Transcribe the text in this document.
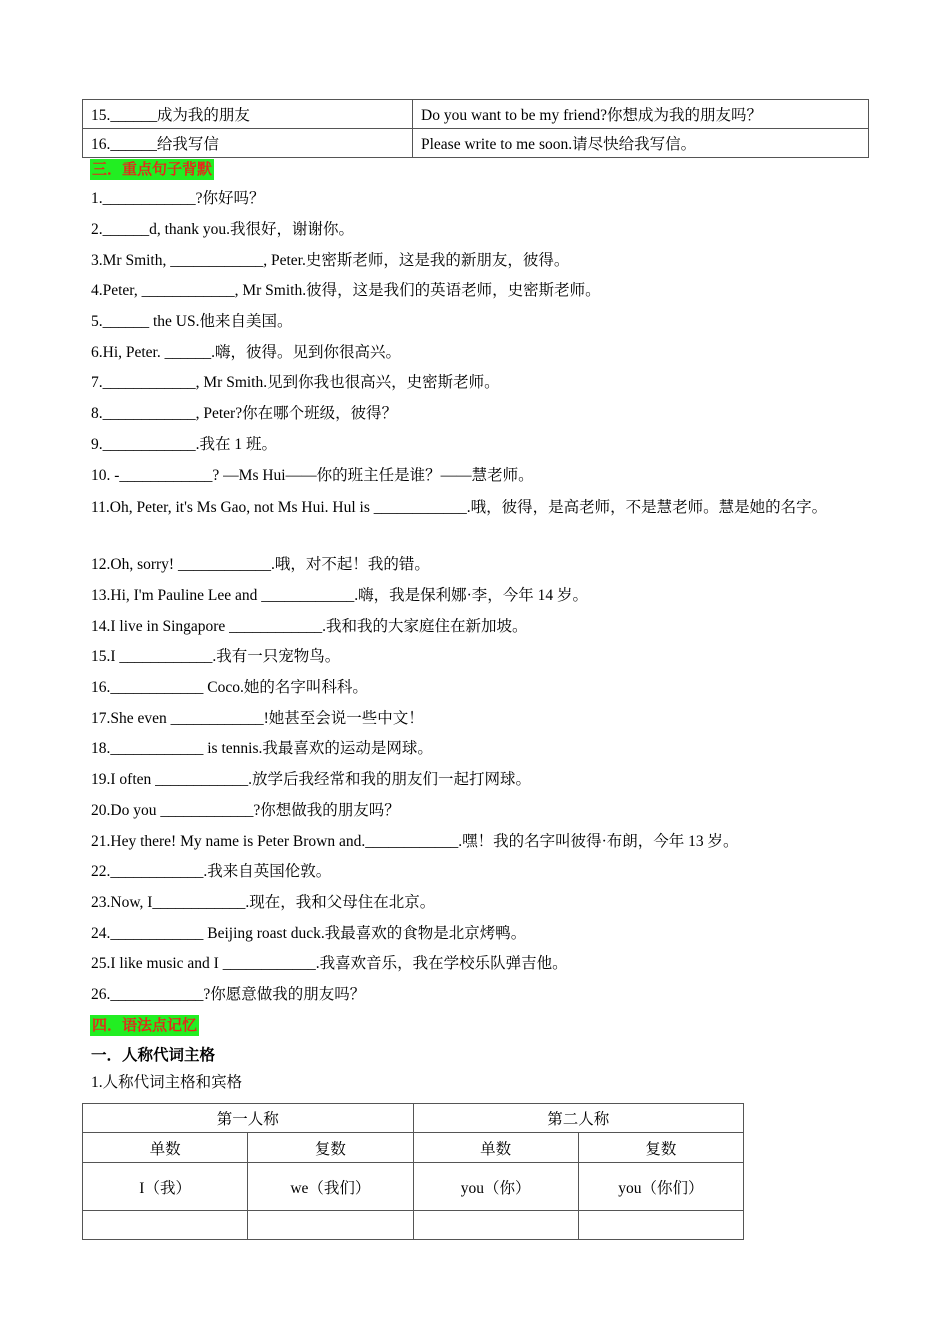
15.______成为我的朋友	Do you want to be my friend?你想成为我的朋友吗？
16.______给我写信	Please write to me soon.请尽快给我写信。
三．重点句子背默
1.____________?你好吗？
2.______d, thank you.我很好，谢谢你。
3.Mr Smith, ____________, Peter.史密斯老师，这是我的新朋友，彼得。
4.Peter, ____________, Mr Smith.彼得，这是我们的英语老师，史密斯老师。
5.______ the US.他来自美国。
6.Hi, Peter. ______.嗨，彼得。见到你很高兴。
7.____________, Mr Smith.见到你我也很高兴，史密斯老师。
8.____________, Peter?你在哪个班级，彼得？
9.____________.我在 1 班。
10. -____________? —Ms Hui——你的班主任是谁？——慧老师。
11.Oh, Peter, it's Ms Gao, not Ms Hui. Hul is ____________.哦，彼得，是高老师，不是慧老师。慧是她的名字。
12.Oh, sorry! ____________.哦，对不起！我的错。
13.Hi, I'm Pauline Lee and ____________.嗨，我是保利娜·李，今年 14 岁。
14.I live in Singapore ____________.我和我的大家庭住在新加坡。
15.I ____________.我有一只宠物鸟。
16.____________ Coco.她的名字叫科科。
17.She even ____________!她甚至会说一些中文！
18.____________ is tennis.我最喜欢的运动是网球。
19.I often ____________.放学后我经常和我的朋友们一起打网球。
20.Do you ____________?你想做我的朋友吗？
21.Hey there! My name is Peter Brown and.____________.嘿！我的名字叫彼得·布朗，今年 13 岁。
22.____________.我来自英国伦敦。
23.Now, I____________.现在，我和父母住在北京。
24.____________ Beijing roast duck.我最喜欢的食物是北京烤鸭。
25.I like music and I ____________.我喜欢音乐，我在学校乐队弹吉他。
26.____________?你愿意做我的朋友吗？
四．语法点记忆
一．人称代词主格
1.人称代词主格和宾格
第一人称		第二人称	
单数	复数	单数	复数
I（我）	we（我们）	you（你）	you（你们）
